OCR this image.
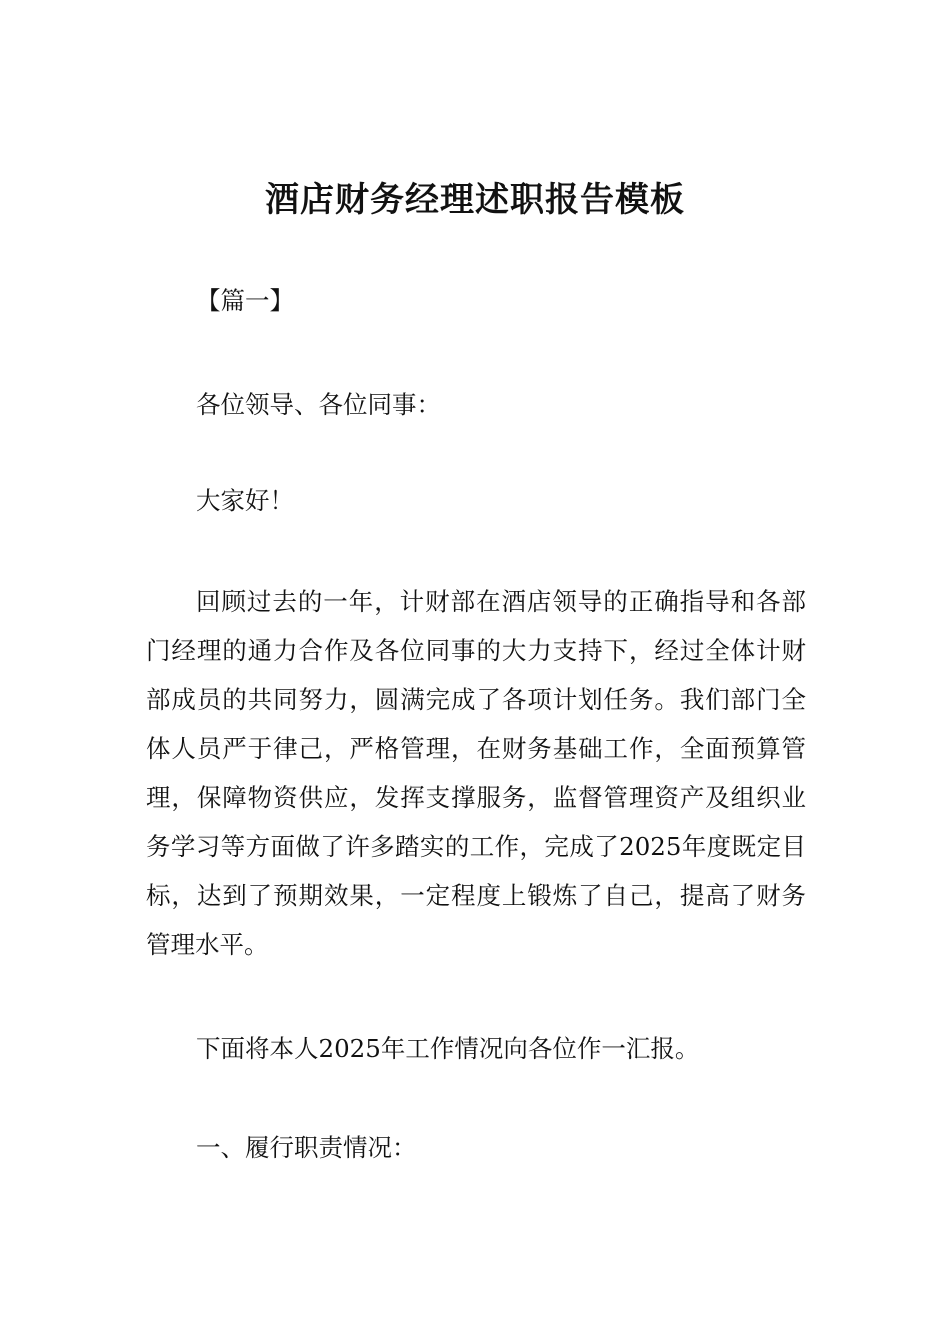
酒店财务经理述职报告模板

【篇一】

各位领导、各位同事：

大家好！

回顾过去的一年，计财部在酒店领导的正确指导和各部门经理的通力合作及各位同事的大力支持下，经过全体计财部成员的共同努力，圆满完成了各项计划任务。我们部门全体人员严于律己，严格管理，在财务基础工作，全面预算管理，保障物资供应，发挥支撑服务，监督管理资产及组织业务学习等方面做了许多踏实的工作，完成了2025年度既定目标，达到了预期效果，一定程度上锻炼了自己，提高了财务管理水平。

下面将本人2025年工作情况向各位作一汇报。

一、履行职责情况：
